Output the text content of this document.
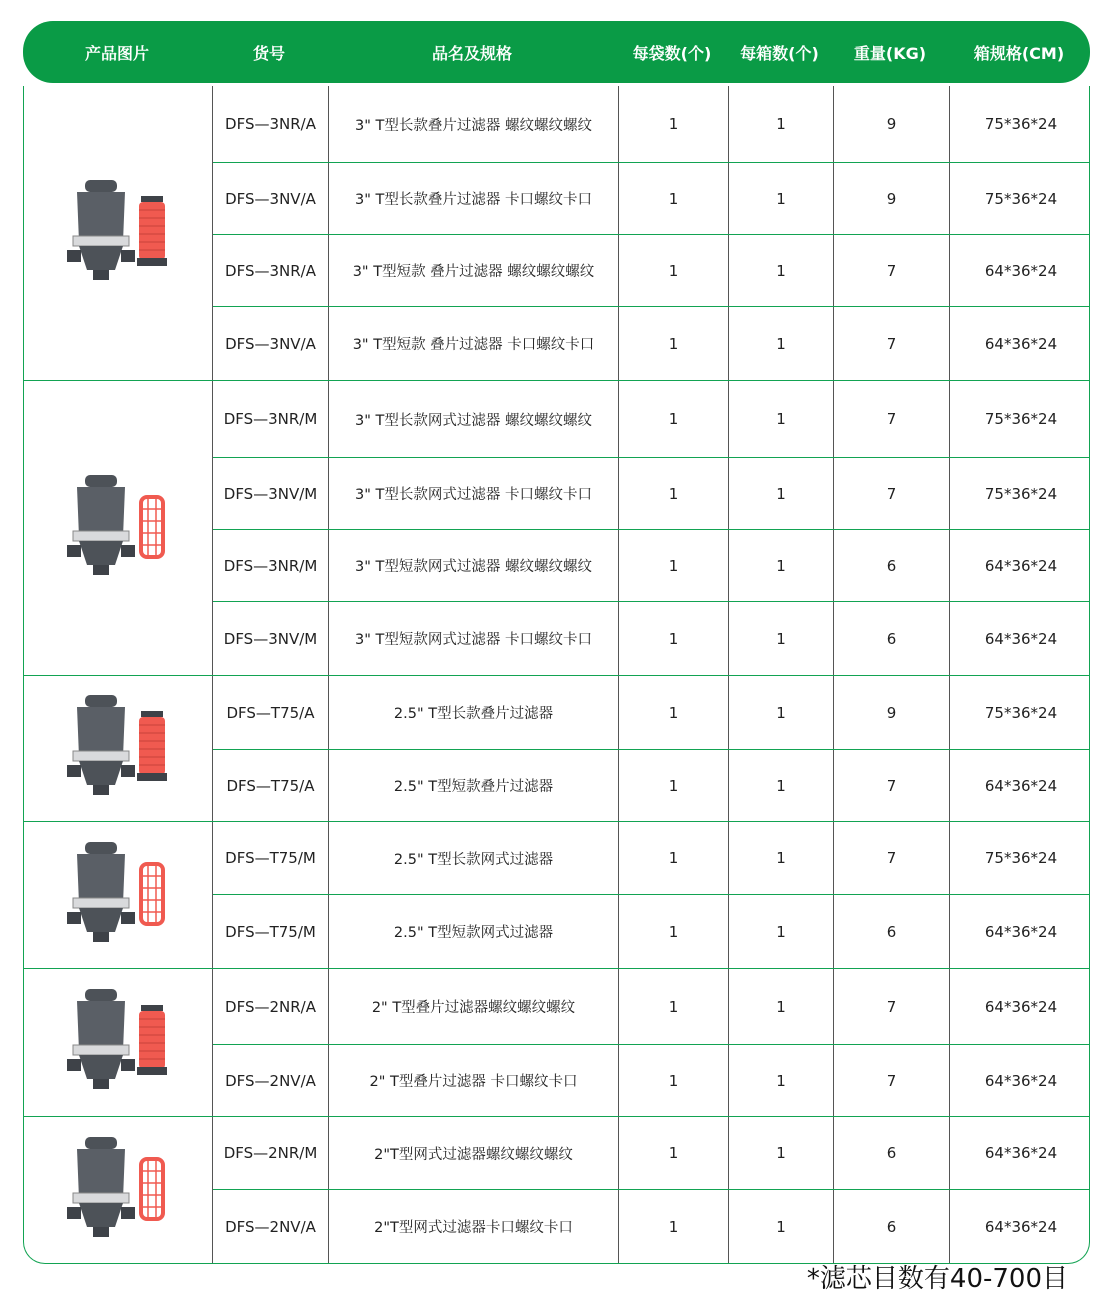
产品图片	货号	品名及规格	每袋数(个)	每箱数(个)	重量(KG)	箱规格(CM)
DFS—3NR/A	3" T型长款叠片过滤器 螺纹螺纹螺纹	1	1	9	75*36*24
DFS—3NV/A	3" T型长款叠片过滤器 卡口螺纹卡口	1	1	9	75*36*24
DFS—3NR/A	3" T型短款 叠片过滤器 螺纹螺纹螺纹	1	1	7	64*36*24
DFS—3NV/A	3" T型短款 叠片过滤器 卡口螺纹卡口	1	1	7	64*36*24
DFS—3NR/M	3" T型长款网式过滤器 螺纹螺纹螺纹	1	1	7	75*36*24
DFS—3NV/M	3" T型长款网式过滤器 卡口螺纹卡口	1	1	7	75*36*24
DFS—3NR/M	3" T型短款网式过滤器 螺纹螺纹螺纹	1	1	6	64*36*24
DFS—3NV/M	3" T型短款网式过滤器 卡口螺纹卡口	1	1	6	64*36*24
DFS—T75/A	2.5" T型长款叠片过滤器	1	1	9	75*36*24
DFS—T75/A	2.5" T型短款叠片过滤器	1	1	7	64*36*24
DFS—T75/M	2.5" T型长款网式过滤器	1	1	7	75*36*24
DFS—T75/M	2.5" T型短款网式过滤器	1	1	6	64*36*24
DFS—2NR/A	2" T型叠片过滤器螺纹螺纹螺纹	1	1	7	64*36*24
DFS—2NV/A	2" T型叠片过滤器 卡口螺纹卡口	1	1	7	64*36*24
DFS—2NR/M	2"T型网式过滤器螺纹螺纹螺纹	1	1	6	64*36*24
DFS—2NV/A	2"T型网式过滤器卡口螺纹卡口	1	1	6	64*36*24
*滤芯目数有40-700目
